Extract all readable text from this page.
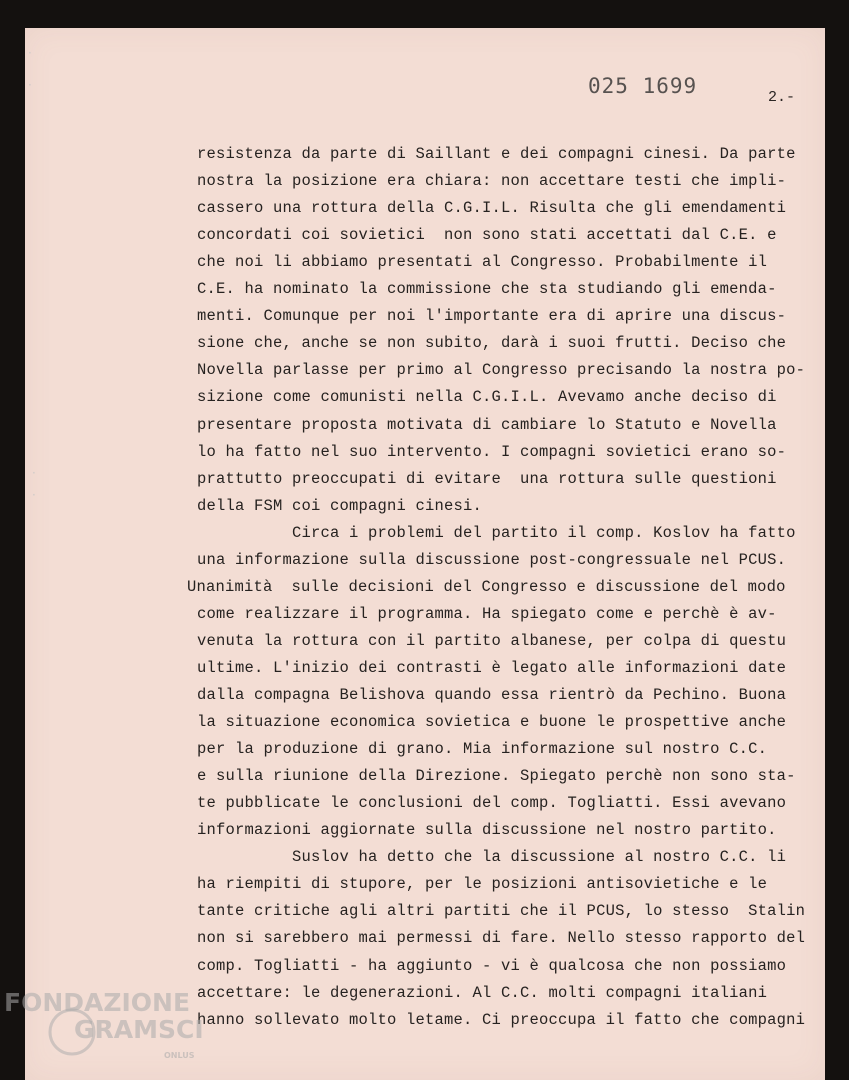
·
·
·
·
025 1699	2.-
resistenza da parte di Saillant e dei compagni cinesi. Da parte
nostra la posizione era chiara: non accettare testi che impli-
cassero una rottura della C.G.I.L. Risulta che gli emendamenti
concordati coi sovietici  non sono stati accettati dal C.E. e
che noi li abbiamo presentati al Congresso. Probabilmente il
C.E. ha nominato la commissione che sta studiando gli emenda-
menti. Comunque per noi l'importante era di aprire una discus-
sione che, anche se non subito, darà i suoi frutti. Deciso che
Novella parlasse per primo al Congresso precisando la nostra po-
sizione come comunisti nella C.G.I.L. Avevamo anche deciso di
presentare proposta motivata di cambiare lo Statuto e Novella
lo ha fatto nel suo intervento. I compagni sovietici erano so-
prattutto preoccupati di evitare  una rottura sulle questioni
della FSM coi compagni cinesi.
Circa i problemi del partito il comp. Koslov ha fatto
una informazione sulla discussione post-congressuale nel PCUS.
Unanimità  sulle decisioni del Congresso e discussione del modo
come realizzare il programma. Ha spiegato come e perchè è av-
venuta la rottura con il partito albanese, per colpa di questu
ultime. L'inizio dei contrasti è legato alle informazioni date
dalla compagna Belishova quando essa rientrò da Pechino. Buona
la situazione economica sovietica e buone le prospettive anche
per la produzione di grano. Mia informazione sul nostro C.C.
e sulla riunione della Direzione. Spiegato perchè non sono sta-
te pubblicate le conclusioni del comp. Togliatti. Essi avevano
informazioni aggiornate sulla discussione nel nostro partito.
Suslov ha detto che la discussione al nostro C.C. li
ha riempiti di stupore, per le posizioni antisovietiche e le
tante critiche agli altri partiti che il PCUS, lo stesso  Stalin
non si sarebbero mai permessi di fare. Nello stesso rapporto del
comp. Togliatti - ha aggiunto - vi è qualcosa che non possiamo
accettare: le degenerazioni. Al C.C. molti compagni italiani
hanno sollevato molto letame. Ci preoccupa il fatto che compagni
FONDAZIONE
GRAMSCI
ONLUS
